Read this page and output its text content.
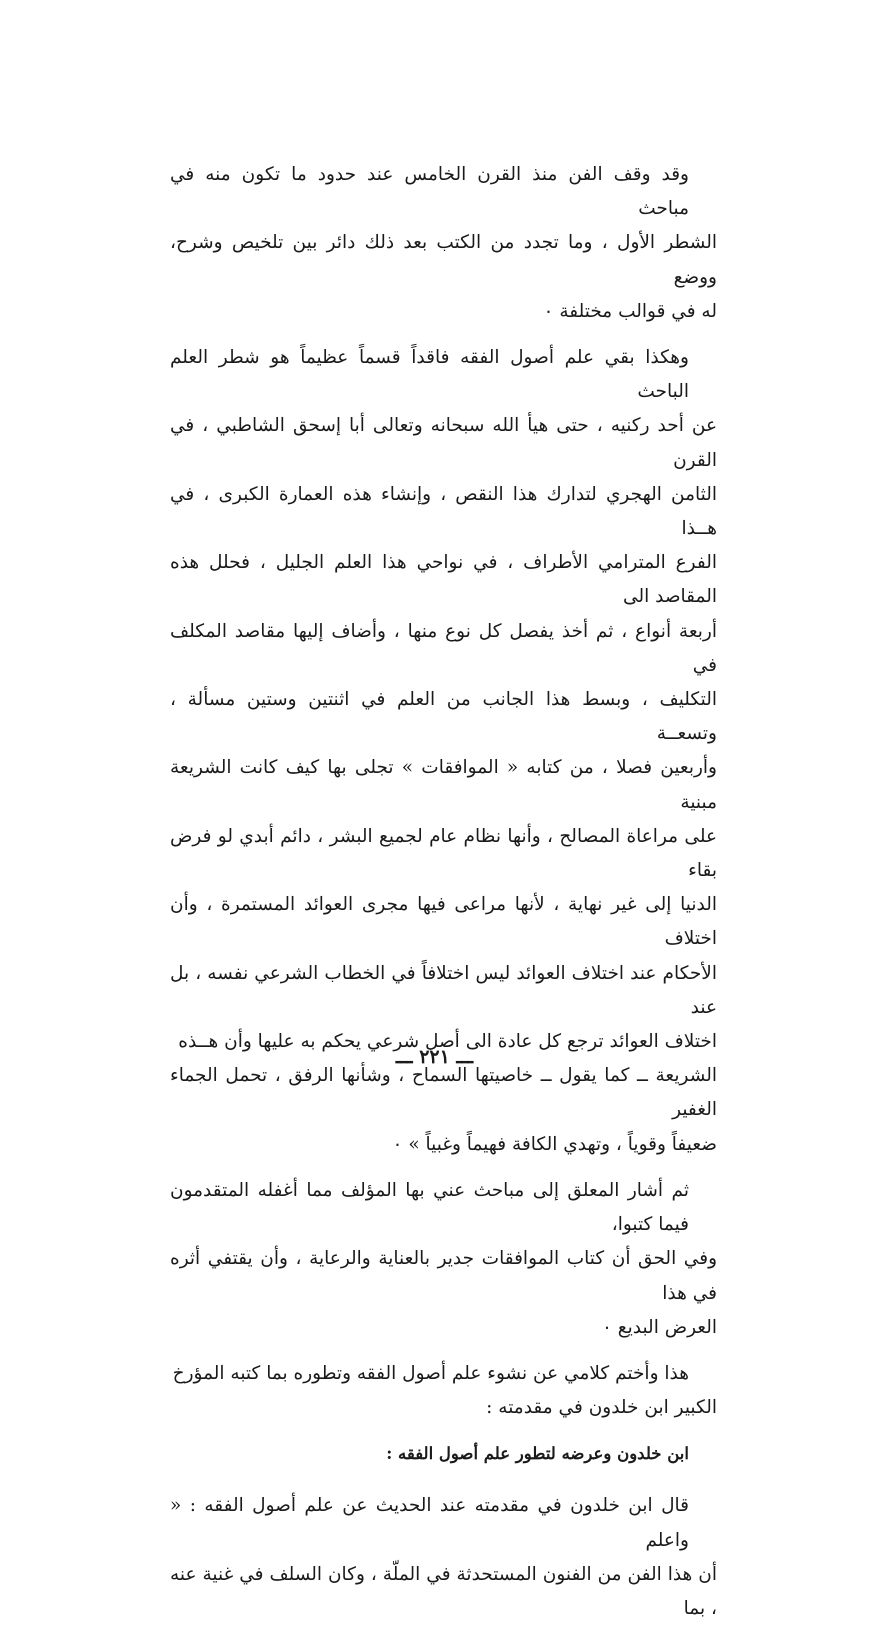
وقد وقف الفن منذ القرن الخامس عند حدود ما تكون منه في مباحث
الشطر الأول ، وما تجدد من الكتب بعد ذلك دائر بين تلخيص وشرح، ووضع
له في قوالب مختلفة ٠

وهكذا بقي علم أصول الفقه فاقداً قسماً عظيماً هو شطر العلم الباحث
عن أحد ركنيه ، حتى هيأ الله سبحانه وتعالى أبا إسحق الشاطبي ، في القرن
الثامن الهجري لتدارك هذا النقص ، وإنشاء هذه العمارة الكبرى ، في هــذا
الفرع المترامي الأطراف ، في نواحي هذا العلم الجليل ، فحلل هذه المقاصد الى
أربعة أنواع ، ثم أخذ يفصل كل نوع منها ، وأضاف إليها مقاصد المكلف في
التكليف ، وبسط هذا الجانب من العلم في اثنتين وستين مسألة ، وتسعــة
وأربعين فصلا ، من كتابه « الموافقات » تجلى بها كيف كانت الشريعة مبنية
على مراعاة المصالح ، وأنها نظام عام لجميع البشر ، دائم أبدي لو فرض بقاء
الدنيا إلى غير نهاية ، لأنها مراعى فيها مجرى العوائد المستمرة ، وأن اختلاف
الأحكام عند اختلاف العوائد ليس اختلافاً في الخطاب الشرعي نفسه ، بل عند
اختلاف العوائد ترجع كل عادة الى أصل شرعي يحكم به عليها وأن هــذه
الشريعة ــ كما يقول ــ خاصيتها السماح ، وشأنها الرفق ، تحمل الجماء الغفير
ضعيفاً وقوياً ، وتهدي الكافة فهيماً وغبياً » ٠

ثم أشار المعلق إلى مباحث عني بها المؤلف مما أغفله المتقدمون فيما كتبوا،
وفي الحق أن كتاب الموافقات جدير بالعناية والرعاية ، وأن يقتفي أثره في هذا
العرض البديع ٠

هذا وأختم كلامي عن نشوء علم أصول الفقه وتطوره بما كتبه المؤرخ
الكبير ابن خلدون في مقدمته :

ابن خلدون وعرضه لتطور علم أصول الفقه :

قال ابن خلدون في مقدمته عند الحديث عن علم أصول الفقه : « واعلم
أن هذا الفن من الفنون المستحدثة في الملّة ، وكان السلف في غنية عنه ، بما

ـــ ٢٢١ ـــ
